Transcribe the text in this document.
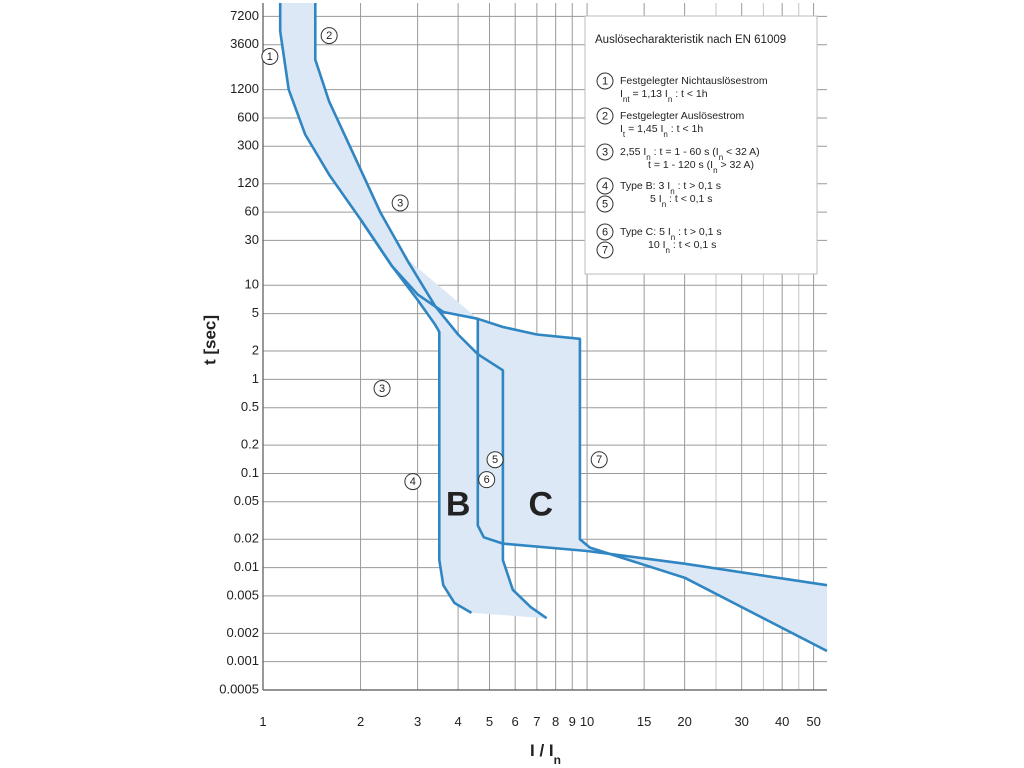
B C
7200
3600
1200
600
300
120
60
30
10
5
2
1
0.5
0.2
0.1
0.05
0.02
0.01
0.005
0.002
0.001
0.0005
1	2	3	4 5 6 7 8 9 10	15 20	30 40 50
1
2
3
3
4
5
6
7
Auslösecharakteristik nach EN 61009
1 Festgelegter Nichtauslösestrom
$I_{nt} = 1,13$ $I_n$ : t < 1h
2 Festgelegter Auslösestrom
$I_t = 1,45$ $I_n$ : t < 1h
3 2,55 $I_n$ : t = 1 - 60 s ($I_n < 32$ A)
t = 1 - 120 s ($I_n > 32$ A)
4
5
Type B: 3 $I_n$ : t > 0,1 s
5 $I_n$ : t < 0,1 s
6
7
Type C: 5 $I_n$ : t > 0,1 s
10 $I_n$ : t < 0,1 s
t [sec]
I / $I_n$
